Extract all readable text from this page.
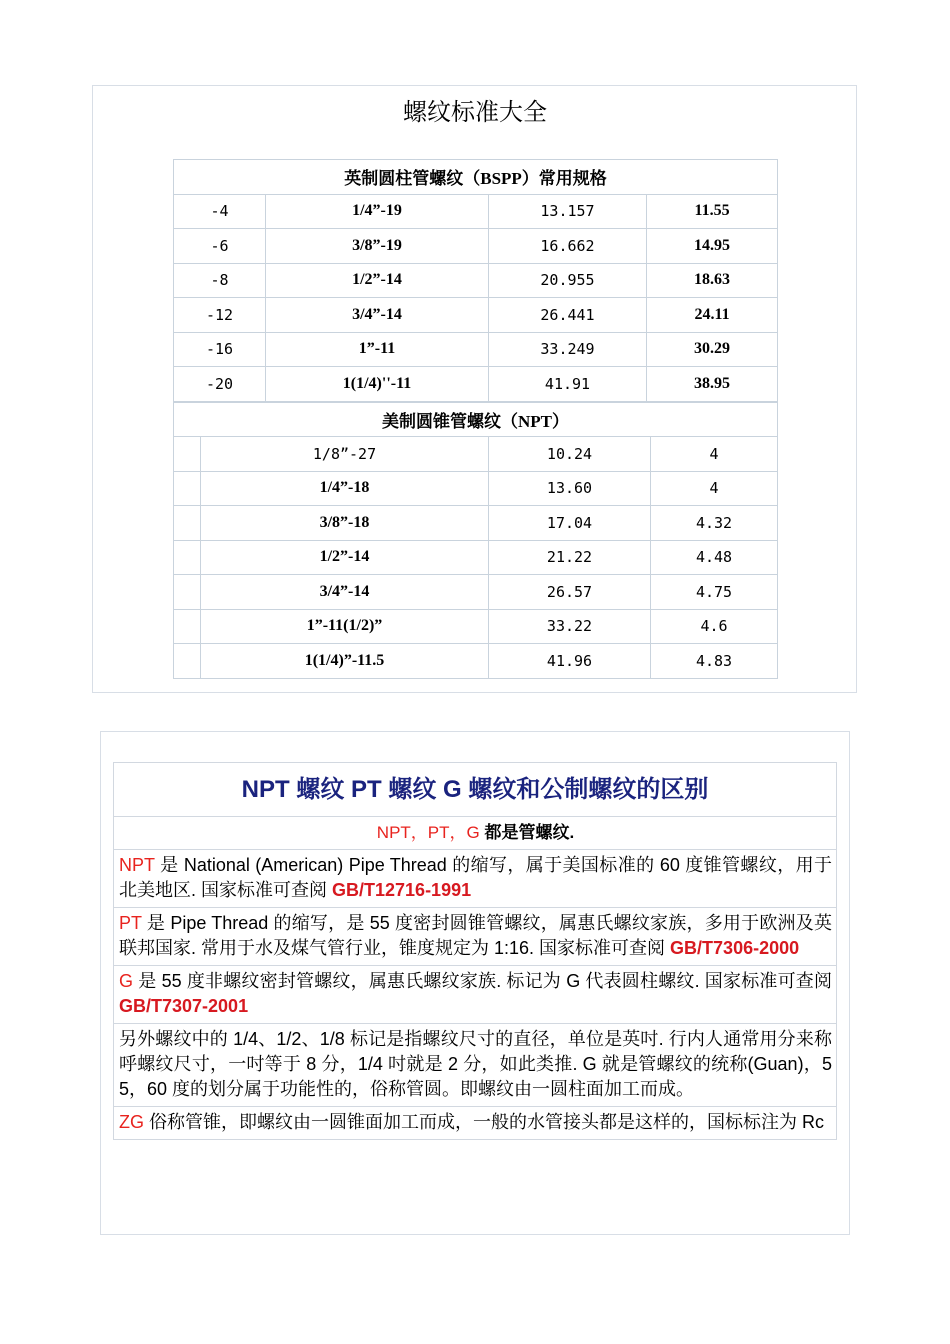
螺纹标准大全
英制圆柱管螺纹（BSPP）常用规格					
-4		1/4”-19	13.157	11.55	
-6		3/8”-19	16.662	14.95	
-8		1/2”-14	20.955	18.63	
-12		3/4”-14	26.441	24.11	
-16		1”-11	33.249	30.29	
-20		1(1/4)''-11	41.91	38.95	
美制圆锥管螺纹（NPT）					
	1/8”-27		10.24		4
	1/4”-18		13.60		4
	3/8”-18		17.04		4.32
	1/2”-14		21.22		4.48
	3/4”-14		26.57		4.75
	1”-11(1/2)”		33.22		4.6
	1(1/4)”-11.5		41.96		4.83
NPT 螺纹 PT 螺纹 G 螺纹和公制螺纹的区别
NPT，PT，G 都是管螺纹.
NPT 是 National (American) Pipe Thread 的缩写，属于美国标准的 60 度锥管螺纹，用于北美地区. 国家标准可查阅 GB/T12716-1991
PT 是 Pipe Thread 的缩写，是 55 度密封圆锥管螺纹，属惠氏螺纹家族，多用于欧洲及英联邦国家. 常用于水及煤气管行业，锥度规定为 1:16. 国家标准可查阅 GB/T7306-2000
G 是 55 度非螺纹密封管螺纹，属惠氏螺纹家族. 标记为 G 代表圆柱螺纹. 国家标准可查阅 GB/T7307-2001
另外螺纹中的 1/4、1/2、1/8 标记是指螺纹尺寸的直径，单位是英吋. 行内人通常用分来称呼螺纹尺寸，一吋等于 8 分，1/4 吋就是 2 分，如此类推. G 就是管螺纹的统称(Guan)，55，60 度的划分属于功能性的，俗称管圆。即螺纹由一圆柱面加工而成。
ZG 俗称管锥，即螺纹由一圆锥面加工而成，一般的水管接头都是这样的，国标标注为 Rc
